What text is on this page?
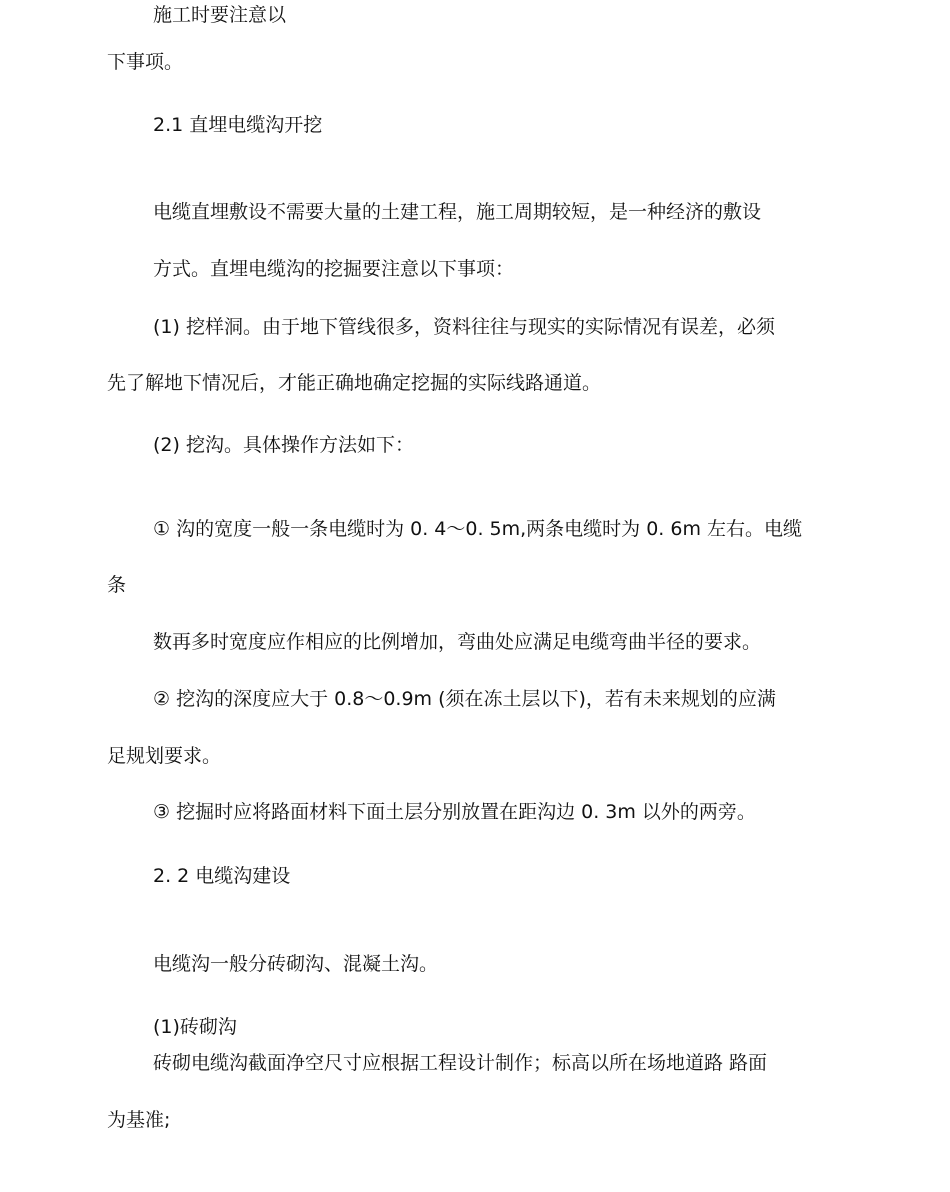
施工时要注意以

下事项。

2.1 直埋电缆沟开挖

电缆直埋敷设不需要大量的土建工程，施工周期较短，是一种经济的敷设

方式。直埋电缆沟的挖掘要注意以下事项：

(1) 挖样洞。由于地下管线很多，资料往往与现实的实际情况有误差，必须

先了解地下情况后，才能正确地确定挖掘的实际线路通道。

(2) 挖沟。具体操作方法如下：

① 沟的宽度一般一条电缆时为 0. 4〜0. 5m,两条电缆时为 0. 6m 左右。电缆

条

数再多时宽度应作相应的比例增加，弯曲处应满足电缆弯曲半径的要求。

② 挖沟的深度应大于 0.8〜0.9m (须在冻土层以下)，若有未来规划的应满

足规划要求。

③ 挖掘时应将路面材料下面土层分别放置在距沟边 0. 3m 以外的两旁。

2. 2 电缆沟建设

电缆沟一般分砖砌沟、混凝土沟。

(1)砖砌沟

砖砌电缆沟截面净空尺寸应根据工程设计制作；标高以所在场地道路 路面

为基准;
